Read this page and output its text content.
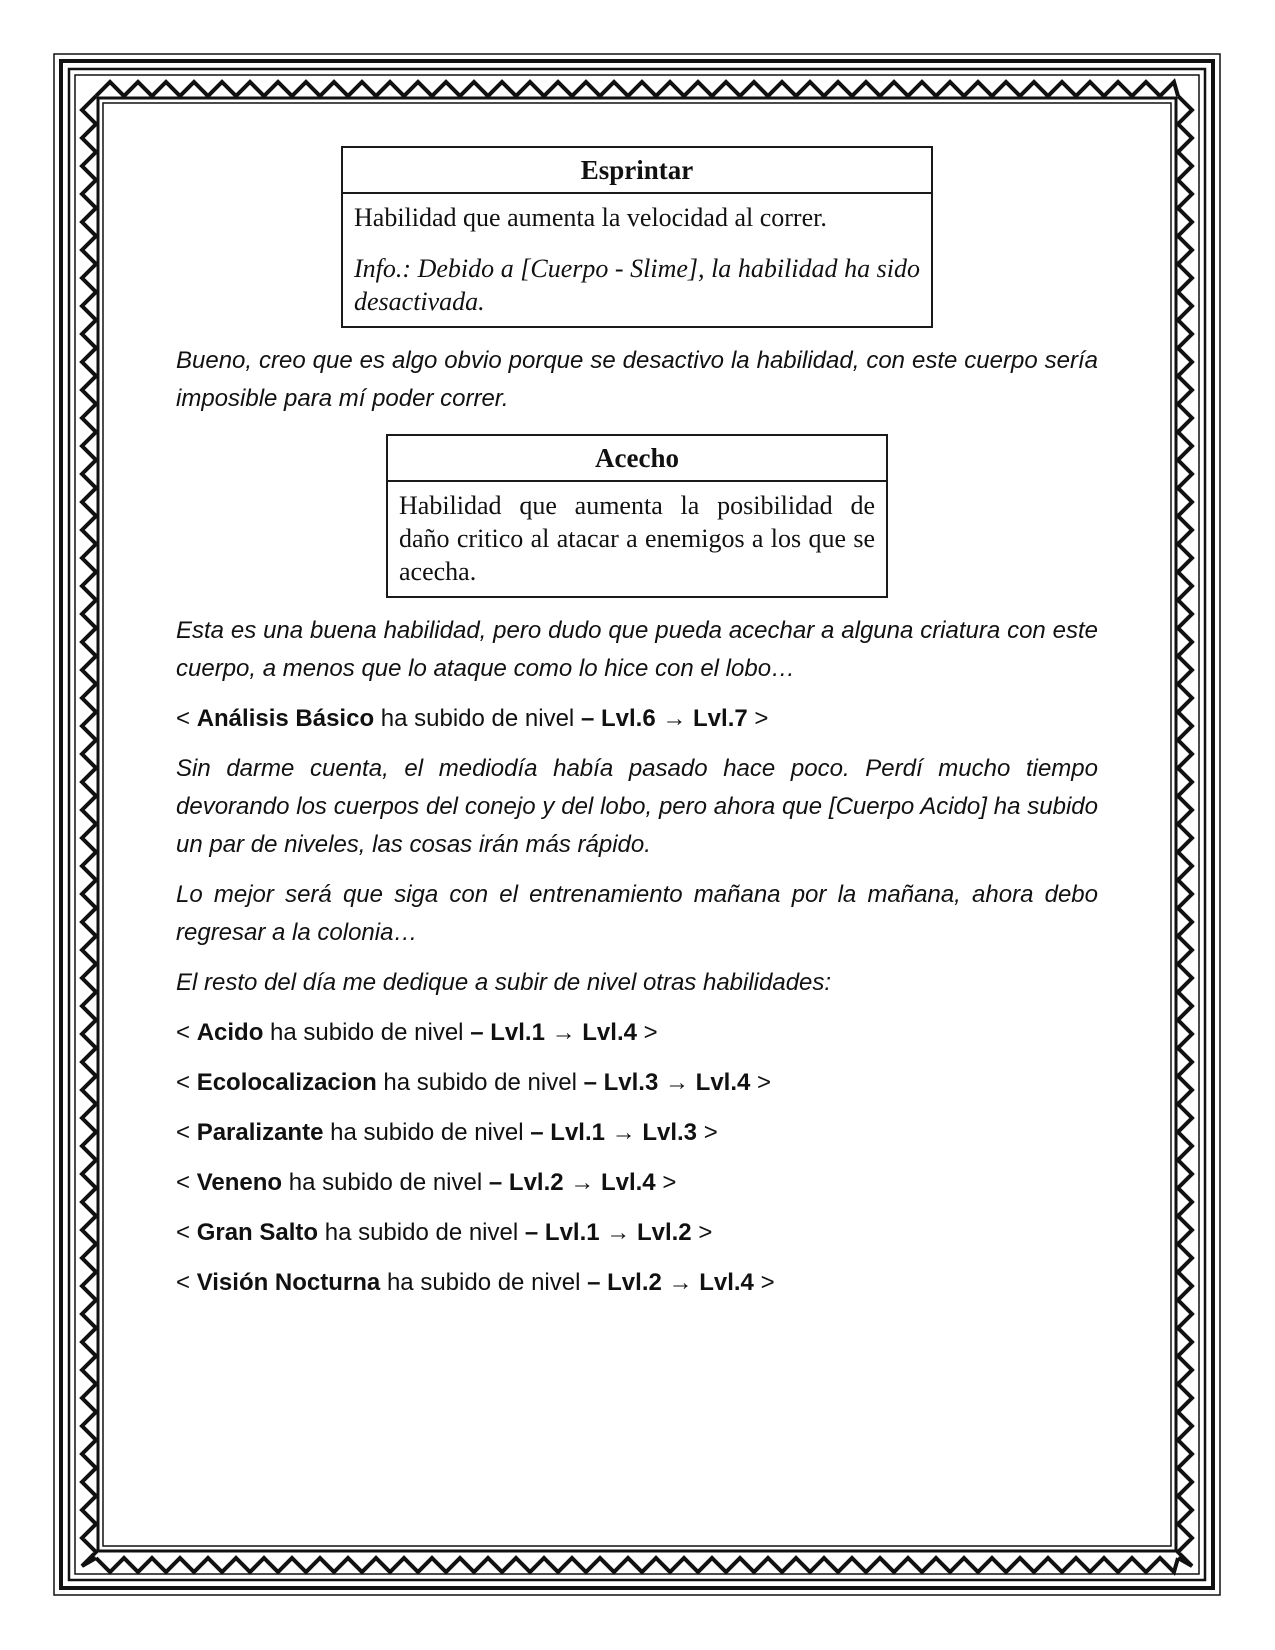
Esprintar

Habilidad que aumenta la velocidad al correr.

Info.: Debido a [Cuerpo - Slime], la habilidad ha sido desactivada.

Bueno, creo que es algo obvio porque se desactivo la habilidad, con este cuerpo sería imposible para mí poder correr.

Acecho

Habilidad que aumenta la posibilidad de daño critico al atacar a enemigos a los que se acecha.

Esta es una buena habilidad, pero dudo que pueda acechar a alguna criatura con este cuerpo, a menos que lo ataque como lo hice con el lobo…

< Análisis Básico ha subido de nivel – Lvl.6 → Lvl.7 >

Sin darme cuenta, el mediodía había pasado hace poco. Perdí mucho tiempo devorando los cuerpos del conejo y del lobo, pero ahora que [Cuerpo Acido] ha subido un par de niveles, las cosas irán más rápido.

Lo mejor será que siga con el entrenamiento mañana por la mañana, ahora debo regresar a la colonia…

El resto del día me dedique a subir de nivel otras habilidades:

< Acido ha subido de nivel – Lvl.1 → Lvl.4 >

< Ecolocalizacion ha subido de nivel – Lvl.3 → Lvl.4 >

< Paralizante ha subido de nivel – Lvl.1 → Lvl.3 >

< Veneno ha subido de nivel – Lvl.2 → Lvl.4 >

< Gran Salto ha subido de nivel – Lvl.1 → Lvl.2 >

< Visión Nocturna ha subido de nivel – Lvl.2 → Lvl.4 >
